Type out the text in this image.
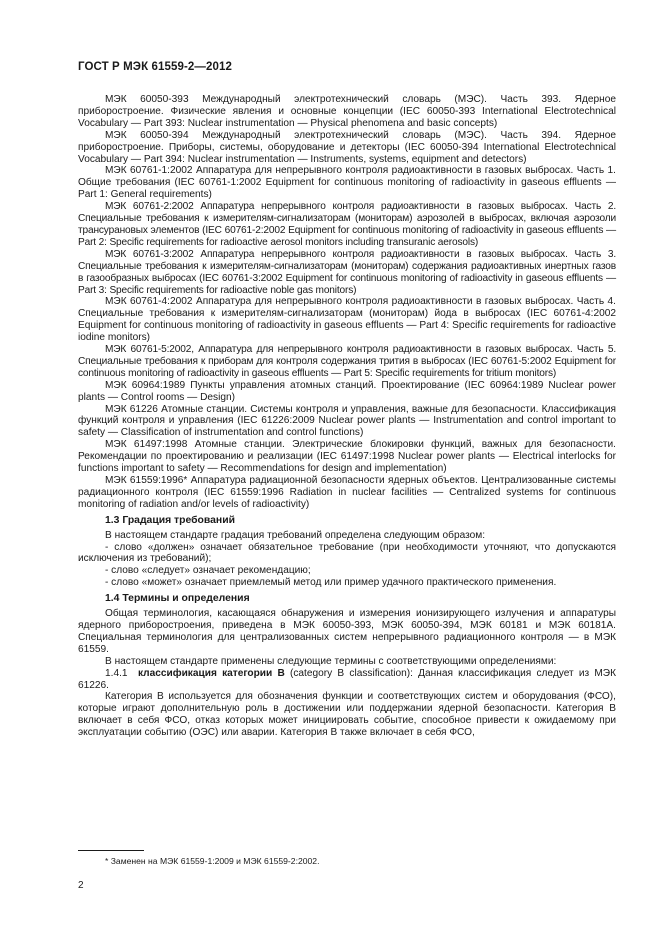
ГОСТ Р МЭК 61559-2—2012

МЭК 60050-393 Международный электротехнический словарь (МЭС). Часть 393. Ядерное приборостроение. Физические явления и основные концепции (IEC 60050-393 International Electrotechnical Vocabulary — Part 393: Nuclear instrumentation — Physical phenomena and basic concepts)

МЭК 60050-394 Международный электротехнический словарь (МЭС). Часть 394. Ядерное приборостроение. Приборы, системы, оборудование и детекторы (IEC 60050-394 International Electrotechnical Vocabulary — Part 394: Nuclear instrumentation — Instruments, systems, equipment and detectors)

МЭК 60761-1:2002 Аппаратура для непрерывного контроля радиоактивности в газовых выбросах. Часть 1. Общие требования (IEC 60761-1:2002 Equipment for continuous monitoring of radioactivity in gaseous effluents — Part 1: General requirements)

МЭК 60761-2:2002 Аппаратура непрерывного контроля радиоактивности в газовых выбросах. Часть 2. Специальные требования к измерителям-сигнализаторам (мониторам) аэрозолей в выбросах, включая аэрозоли трансурановых элементов (IEC 60761-2:2002 Equipment for continuous monitoring of radioactivity in gaseous effluents — Part 2: Specific requirements for radioactive aerosol monitors including transuranic aerosols)

МЭК 60761-3:2002 Аппаратура непрерывного контроля радиоактивности в газовых выбросах. Часть 3. Специальные требования к измерителям-сигнализаторам (мониторам) содержания радиоактивных инертных газов в газообразных выбросах (IEC 60761-3:2002 Equipment for continuous monitoring of radioactivity in gaseous effluents — Part 3: Specific requirements for radioactive noble gas monitors)

МЭК 60761-4:2002 Аппаратура для непрерывного контроля радиоактивности в газовых выбросах. Часть 4. Специальные требования к измерителям-сигнализаторам (мониторам) йода в выбросах (IEC 60761-4:2002 Equipment for continuous monitoring of radioactivity in gaseous effluents — Part 4: Specific requirements for radioactive iodine monitors)

МЭК 60761-5:2002, Аппаратура для непрерывного контроля радиоактивности в газовых выбросах. Часть 5. Специальные требования к приборам для контроля содержания трития в выбросах (IEC 60761-5:2002 Equipment for continuous monitoring of radioactivity in gaseous effluents — Part 5: Specific requirements for tritium monitors)

МЭК 60964:1989 Пункты управления атомных станций. Проектирование (IEC 60964:1989 Nuclear power plants — Control rooms — Design)

МЭК 61226 Атомные станции. Системы контроля и управления, важные для безопасности. Классификация функций контроля и управления (IEC 61226:2009 Nuclear power plants — Instrumentation and control important to safety — Classification of instrumentation and control functions)

МЭК 61497:1998 Атомные станции. Электрические блокировки функций, важных для безопасности. Рекомендации по проектированию и реализации (IEC 61497:1998 Nuclear power plants — Electrical interlocks for functions important to safety — Recommendations for design and implementation)

МЭК 61559:1996* Аппаратура радиационной безопасности ядерных объектов. Централизованные системы радиационного контроля (IEC 61559:1996 Radiation in nuclear facilities — Centralized systems for continuous monitoring of radiation and/or levels of radioactivity)

1.3 Градация требований

В настоящем стандарте градация требований определена следующим образом:

- слово «должен» означает обязательное требование (при необходимости уточняют, что допускаются исключения из требований);

- слово «следует» означает рекомендацию;

- слово «может» означает приемлемый метод или пример удачного практического применения.

1.4 Термины и определения

Общая терминология, касающаяся обнаружения и измерения ионизирующего излучения и аппаратуры ядерного приборостроения, приведена в МЭК 60050-393, МЭК 60050-394, МЭК 60181 и МЭК 60181А. Специальная терминология для централизованных систем непрерывного радиационного контроля — в МЭК 61559.

В настоящем стандарте применены следующие термины с соответствующими определениями:

1.4.1 классификация категории В (category B classification): Данная классификация следует из МЭК 61226.

Категория В используется для обозначения функции и соответствующих систем и оборудования (ФСО), которые играют дополнительную роль в достижении или поддержании ядерной безопасности. Категория В включает в себя ФСО, отказ которых может инициировать событие, способное привести к ожидаемому при эксплуатации событию (ОЭС) или аварии. Категория В также включает в себя ФСО,

* Заменен на МЭК 61559-1:2009 и МЭК 61559-2:2002.
2
